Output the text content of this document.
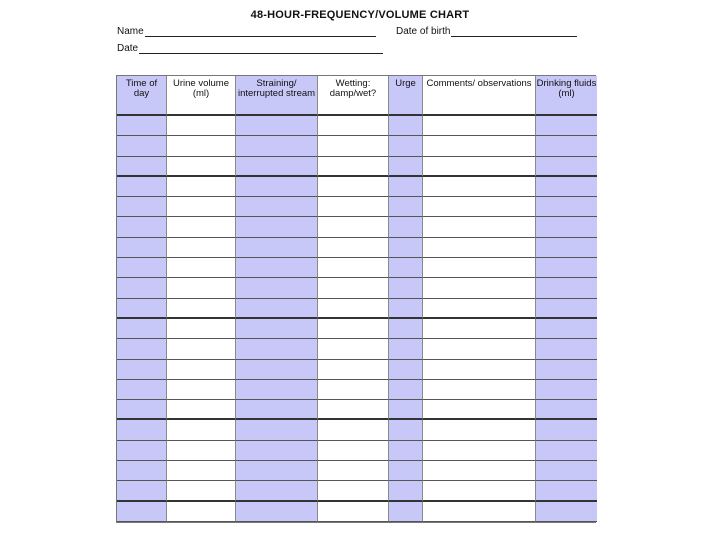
48-HOUR-FREQUENCY/VOLUME CHART
Name	Date of birth
Date
Time of day
Urine volume (ml)
Straining/ interrupted stream
Wetting: damp/wet?
Urge	Comments/ observations Drinking fluids (ml)
